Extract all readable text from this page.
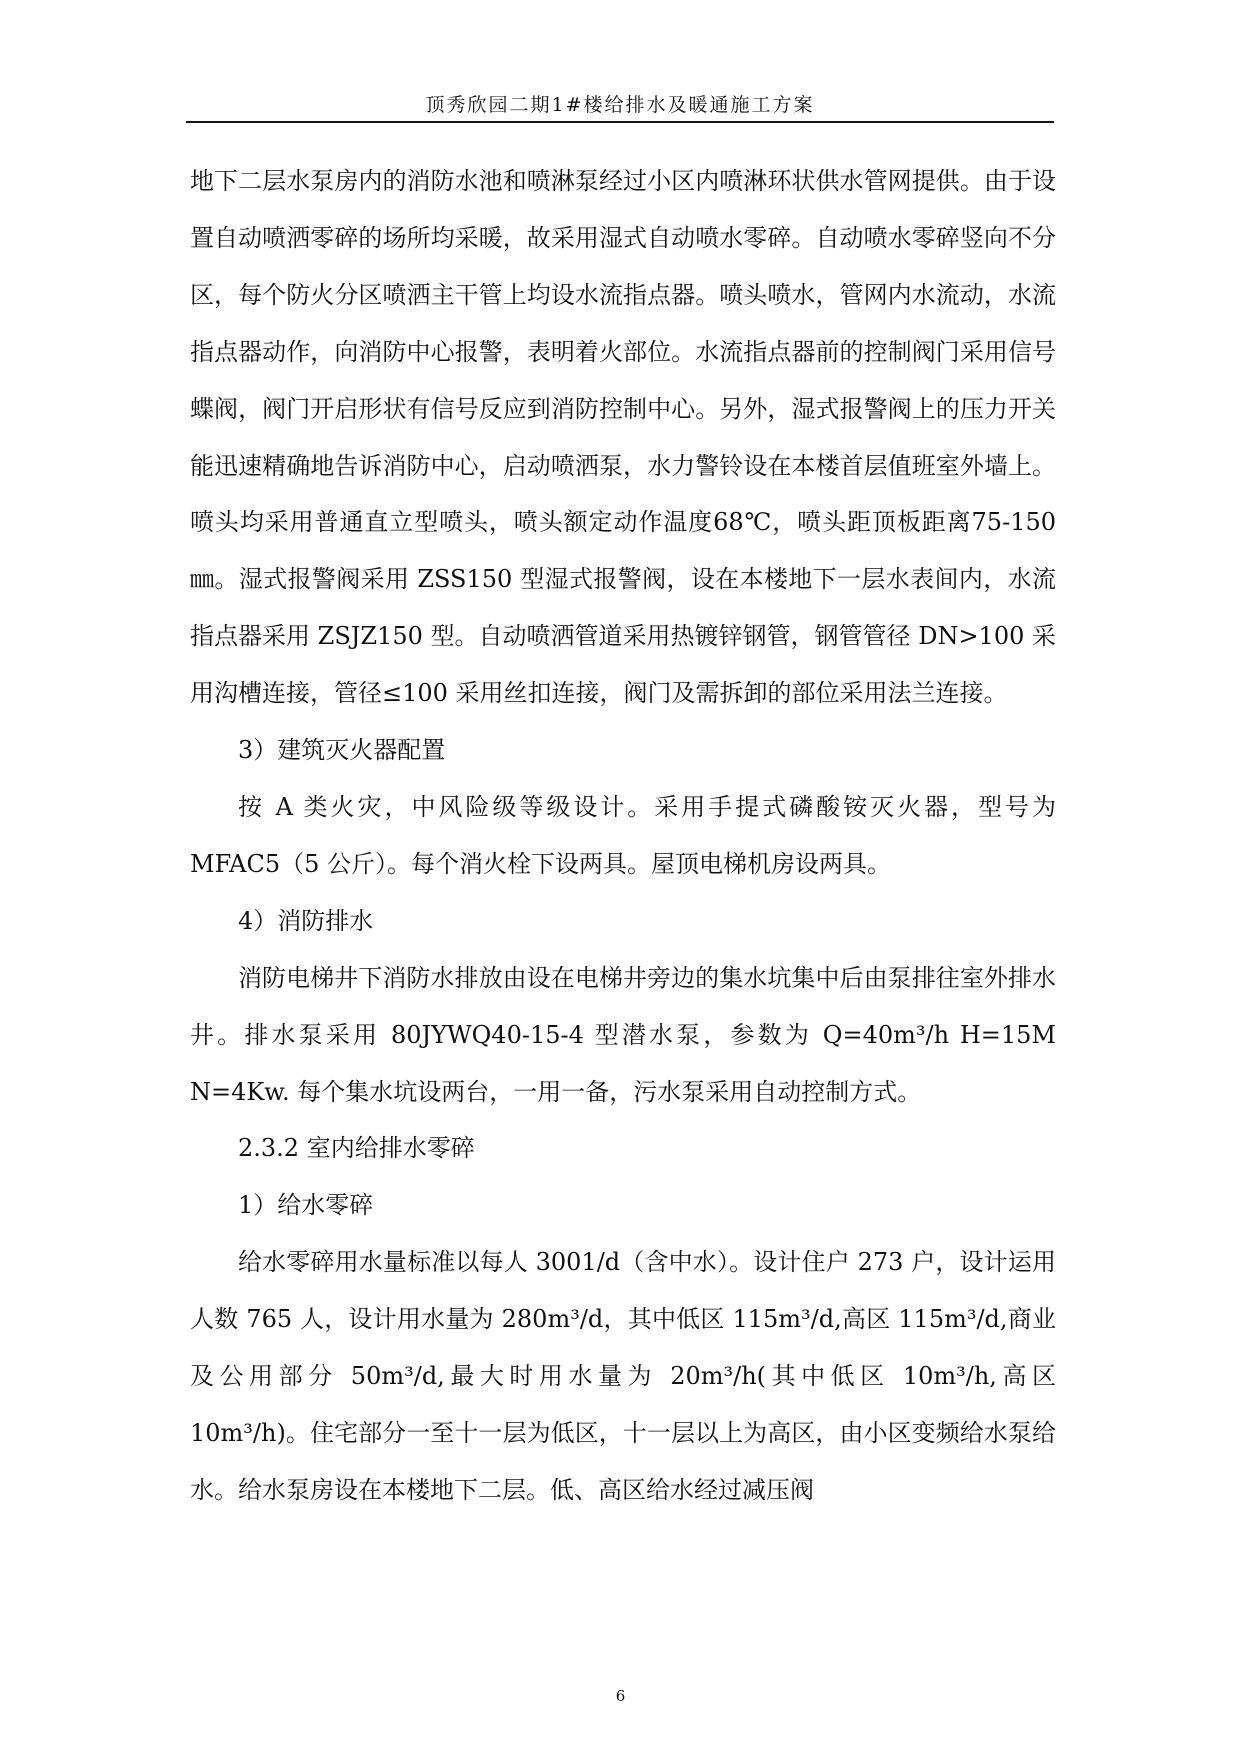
顶秀欣园二期1#楼给排水及暖通施工方案

地下二层水泵房内的消防水池和喷淋泵经过小区内喷淋环状供水管网提供。由于设置自动喷洒零碎的场所均采暖，故采用湿式自动喷水零碎。自动喷水零碎竖向不分区，每个防火分区喷洒主干管上均设水流指点器。喷头喷水，管网内水流动，水流指点器动作，向消防中心报警，表明着火部位。水流指点器前的控制阀门采用信号蝶阀，阀门开启形状有信号反应到消防控制中心。另外，湿式报警阀上的压力开关能迅速精确地告诉消防中心，启动喷洒泵，水力警铃设在本楼首层值班室外墙上。喷头均采用普通直立型喷头，喷头额定动作温度68℃，喷头距顶板距离75-150㎜。湿式报警阀采用 ZSS150 型湿式报警阀，设在本楼地下一层水表间内，水流指点器采用 ZSJZ150 型。自动喷洒管道采用热镀锌钢管，钢管管径 DN>100 采用沟槽连接，管径≤100 采用丝扣连接，阀门及需拆卸的部位采用法兰连接。

3）建筑灭火器配置

按 A 类火灾，中风险级等级设计。采用手提式磷酸铵灭火器，型号为 MFAC5（5 公斤）。每个消火栓下设两具。屋顶电梯机房设两具。

4）消防排水

消防电梯井下消防水排放由设在电梯井旁边的集水坑集中后由泵排往室外排水井。排水泵采用 80JYWQ40-15-4 型潜水泵，参数为 Q=40m³/h H=15M N=4Kw. 每个集水坑设两台，一用一备，污水泵采用自动控制方式。

2.3.2 室内给排水零碎

1）给水零碎

给水零碎用水量标准以每人 3001/d（含中水）。设计住户 273 户，设计运用人数 765 人，设计用水量为 280m³/d，其中低区 115m³/d,高区 115m³/d,商业及公用部分 50m³/d,最大时用水量为 20m³/h(其中低区 10m³/h,高区 10m³/h)。住宅部分一至十一层为低区，十一层以上为高区，由小区变频给水泵给水。给水泵房设在本楼地下二层。低、高区给水经过减压阀

6
